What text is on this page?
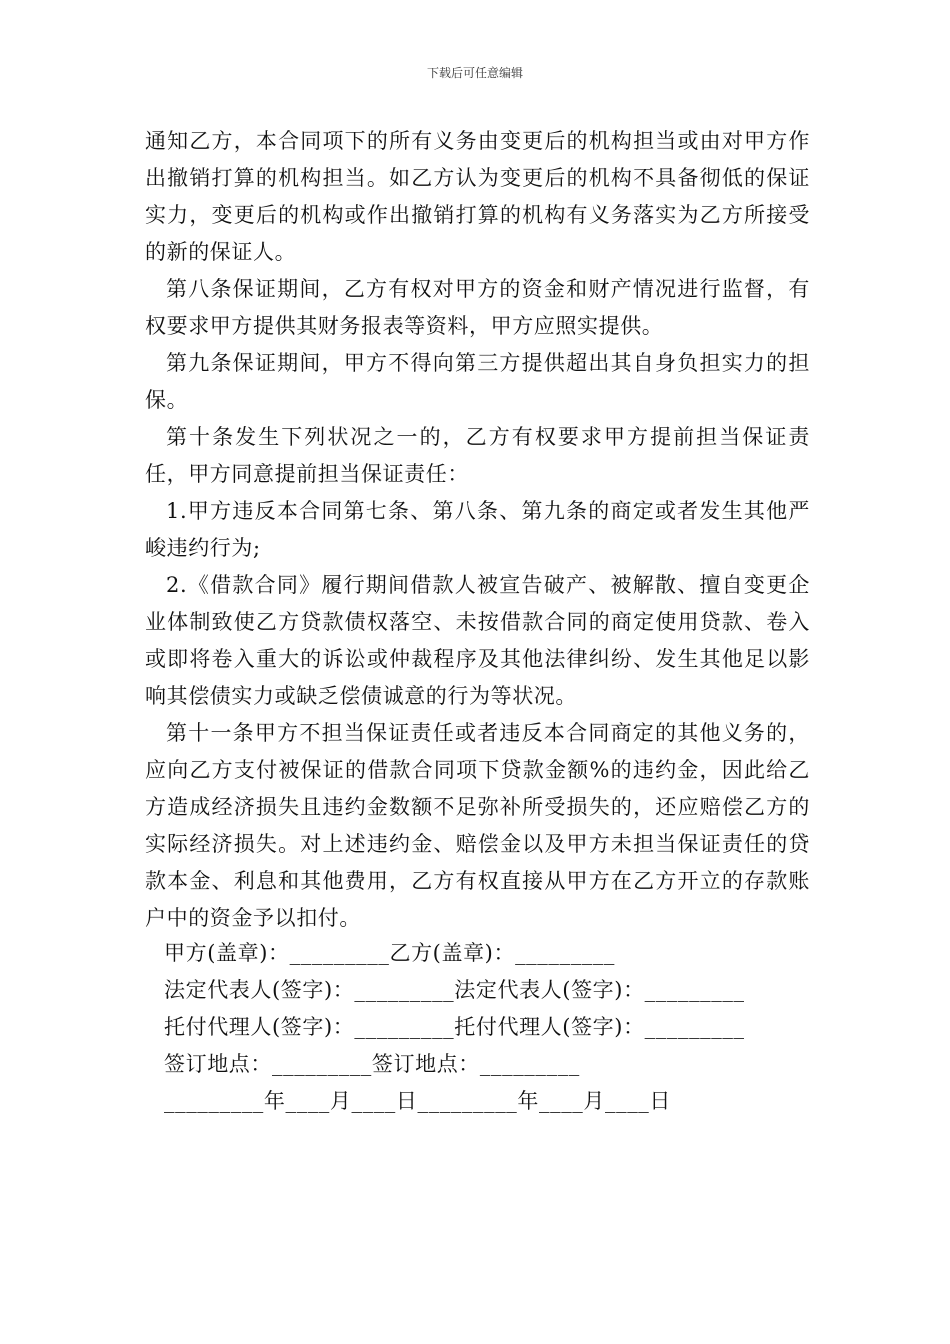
下载后可任意编辑

通知乙方，本合同项下的所有义务由变更后的机构担当或由对甲方作出撤销打算的机构担当。如乙方认为变更后的机构不具备彻低的保证实力，变更后的机构或作出撤销打算的机构有义务落实为乙方所接受的新的保证人。

第八条保证期间，乙方有权对甲方的资金和财产情况进行监督，有权要求甲方提供其财务报表等资料，甲方应照实提供。

第九条保证期间，甲方不得向第三方提供超出其自身负担实力的担保。

第十条发生下列状况之一的，乙方有权要求甲方提前担当保证责任，甲方同意提前担当保证责任：

1.甲方违反本合同第七条、第八条、第九条的商定或者发生其他严峻违约行为;

2.《借款合同》履行期间借款人被宣告破产、被解散、擅自变更企业体制致使乙方贷款债权落空、未按借款合同的商定使用贷款、卷入或即将卷入重大的诉讼或仲裁程序及其他法律纠纷、发生其他足以影响其偿债实力或缺乏偿债诚意的行为等状况。

第十一条甲方不担当保证责任或者违反本合同商定的其他义务的，应向乙方支付被保证的借款合同项下贷款金额%的违约金，因此给乙方造成经济损失且违约金数额不足弥补所受损失的，还应赔偿乙方的实际经济损失。对上述违约金、赔偿金以及甲方未担当保证责任的贷款本金、利息和其他费用，乙方有权直接从甲方在乙方开立的存款账户中的资金予以扣付。

甲方(盖章)：_________乙方(盖章)：_________

法定代表人(签字)：_________法定代表人(签字)：_________

托付代理人(签字)：_________托付代理人(签字)：_________

签订地点：_________签订地点：_________

_________年____月____日_________年____月____日
